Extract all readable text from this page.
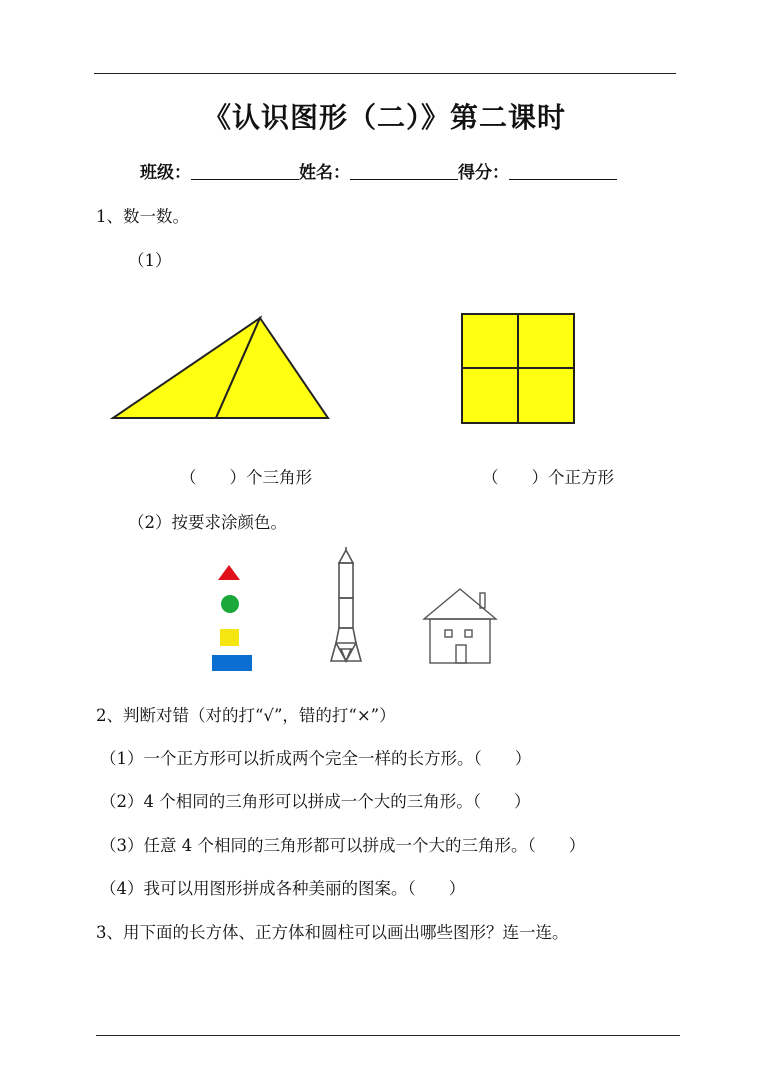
《认识图形（二）》第二课时
班级：	姓名：	得分：
1、数一数。
（1）
（　　）个三角形	（　　）个正方形
（2）按要求涂颜色。
2、判断对错（对的打“√”，错的打“×”）
（1）一个正方形可以折成两个完全一样的长方形。（　　）
（2）4 个相同的三角形可以拼成一个大的三角形。（　　）
（3）任意 4 个相同的三角形都可以拼成一个大的三角形。（　　）
（4）我可以用图形拼成各种美丽的图案。（　　）
3、用下面的长方体、正方体和圆柱可以画出哪些图形？连一连。
